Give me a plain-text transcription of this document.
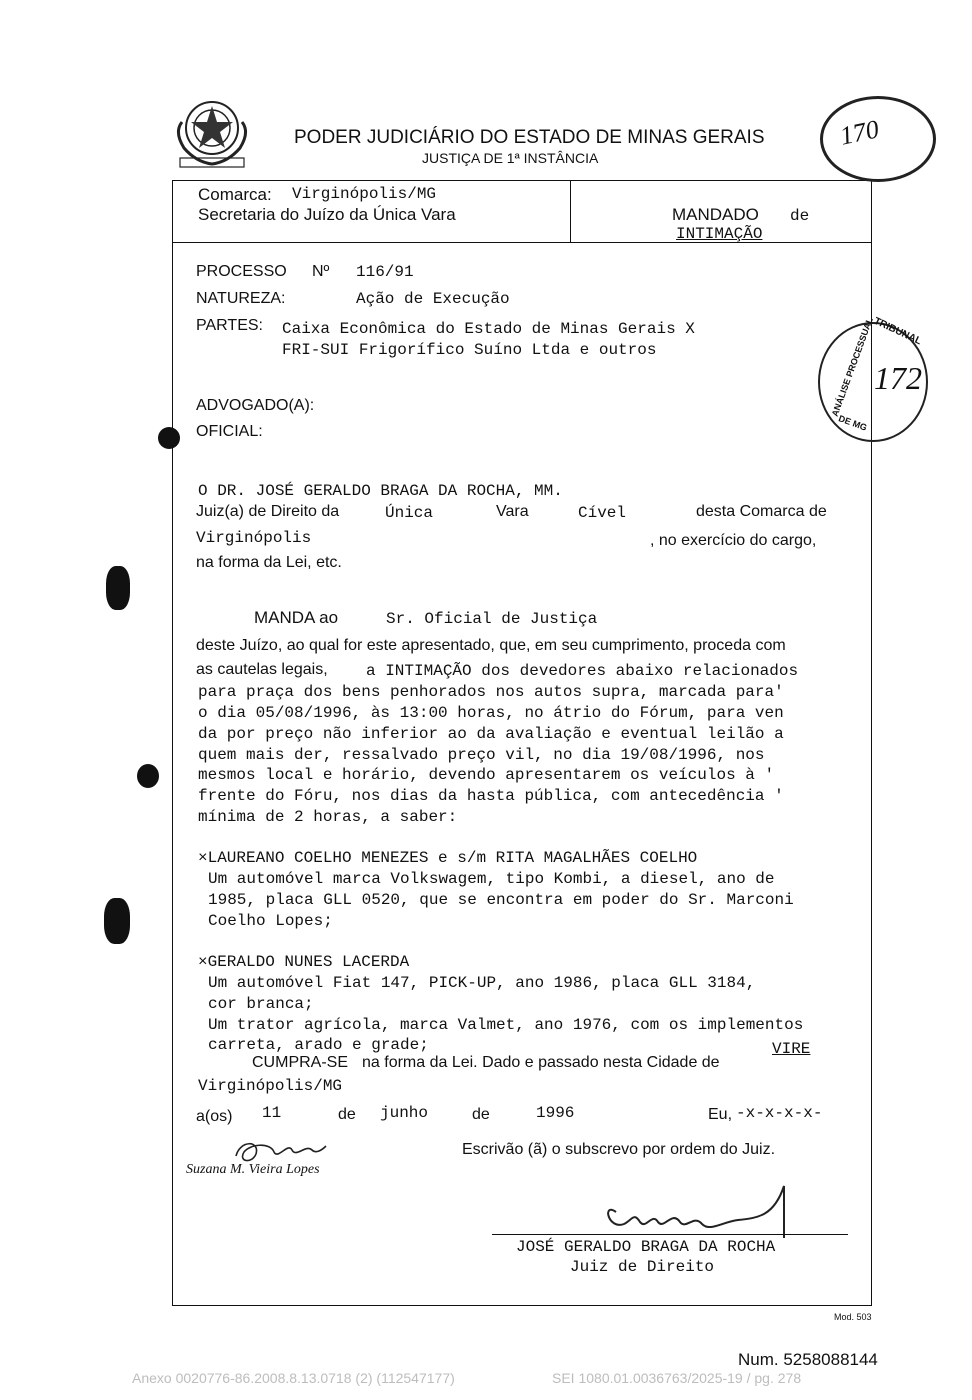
PODER JUDICIÁRIO DO ESTADO DE MINAS GERAIS
JUSTIÇA DE 1ª INSTÂNCIA
170
TRIBUNAL
ANÁLISE PROCESSUAL
DE MG
172
Comarca: Virginópolis/MG
Secretaria do Juízo da Única Vara	MANDADO de
INTIMAÇÃO
PROCESSO Nº 116/91
NATUREZA:	Ação de Execução
PARTES: Caixa Econômica do Estado de Minas Gerais X
FRI-SUI Frigorífico Suíno Ltda e outros
ADVOGADO(A):
OFICIAL:
O DR. JOSÉ GERALDO BRAGA DA ROCHA, MM.
Juiz(a) de Direito da	Única	Vara	Cível	desta Comarca de
Virginópolis	, no exercício do cargo,
na forma da Lei, etc.
MANDA ao	Sr. Oficial de Justiça
deste Juízo, ao qual for este apresentado, que, em seu cumprimento, proceda com
as cautelas legais, a INTIMAÇÃO dos devedores abaixo relacionados
para praça dos bens penhorados nos autos supra, marcada para'
o dia 05/08/1996, às 13:00 horas, no átrio do Fórum, para ven
da por preço não inferior ao da avaliação e eventual leilão a
quem mais der, ressalvado preço vil, no dia 19/08/1996, nos
mesmos local e horário, devendo apresentarem os veículos à '
frente do Fóru, nos dias da hasta pública, com antecedência '
mínima de 2 horas, a saber:
×LAUREANO COELHO MENEZES e s/m RITA MAGALHÃES COELHO
Um automóvel marca Volkswagem, tipo Kombi, a diesel, ano de
1985, placa GLL 0520, que se encontra em poder do Sr. Marconi
Coelho Lopes;
×GERALDO NUNES LACERDA
Um automóvel Fiat 147, PICK-UP, ano 1986, placa GLL 3184,
cor branca;
Um trator agrícola, marca Valmet, ano 1976, com os implementos
carreta, arado e grade;	VIRE
CUMPRA-SE na forma da Lei. Dado e passado nesta Cidade de
Virginópolis/MG
a(os) 11	de junho	de	1996	Eu, -x-x-x-x-
Escrivão (ã) o subscrevo por ordem do Juiz.
Suzana M. Vieira Lopes
JOSÉ GERALDO BRAGA DA ROCHA
Juiz de Direito
Mod. 503
Num. 5258088144
Anexo 0020776-86.2008.8.13.0718 (2) (112547177)	SEI 1080.01.0036763/2025-19 / pg. 278
